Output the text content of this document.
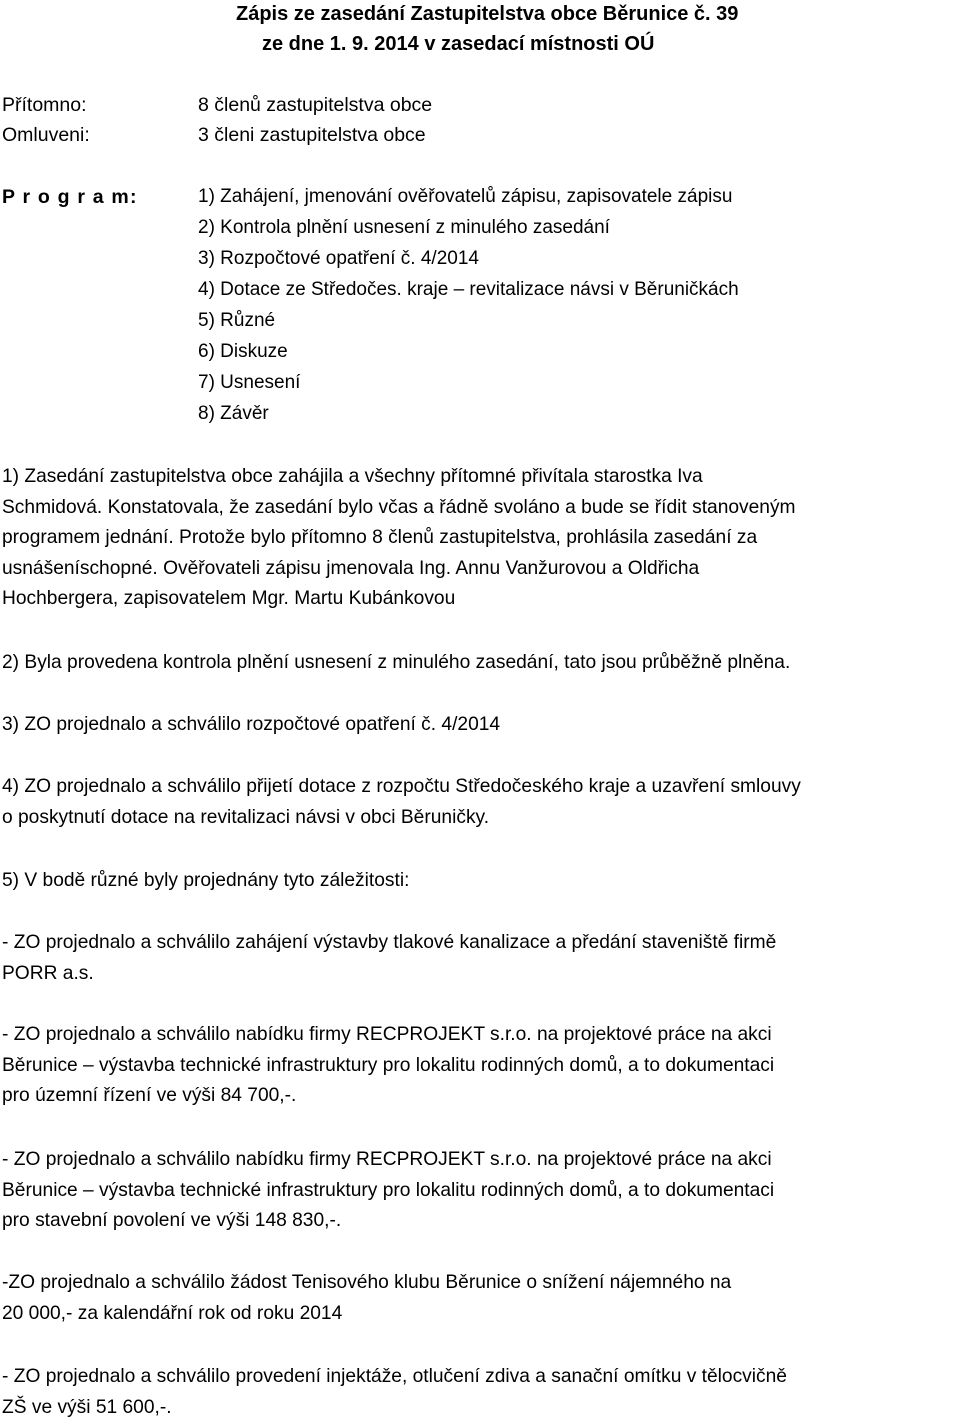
Zápis ze zasedání Zastupitelstva obce Běrunice č. 39
ze dne 1. 9. 2014 v zasedací místnosti OÚ
Přítomno:	8 členů zastupitelstva obce
Omluveni:	3 členi zastupitelstva obce
P r o g r a m:	1) Zahájení, jmenování ověřovatelů zápisu, zapisovatele zápisu
2) Kontrola plnění usnesení z minulého zasedání
3) Rozpočtové opatření č. 4/2014
4) Dotace ze Středočes. kraje – revitalizace návsi v Běruničkách
5) Různé
6) Diskuze
7) Usnesení
8) Závěr
1) Zasedání zastupitelstva obce zahájila a všechny přítomné přivítala starostka Iva
Schmidová. Konstatovala, že zasedání bylo včas a řádně svoláno a bude se řídit stanoveným
programem jednání. Protože bylo přítomno 8 členů zastupitelstva, prohlásila zasedání za
usnášeníschopné. Ověřovateli zápisu jmenovala Ing. Annu Vanžurovou a Oldřicha
Hochbergera, zapisovatelem Mgr. Martu Kubánkovou
2) Byla provedena kontrola plnění usnesení z minulého zasedání, tato jsou průběžně plněna.
3) ZO projednalo a schválilo rozpočtové opatření č. 4/2014
4) ZO projednalo a schválilo přijetí dotace z rozpočtu Středočeského kraje a uzavření smlouvy
o poskytnutí dotace na revitalizaci návsi v obci Běruničky.
5) V bodě různé byly projednány tyto záležitosti:
- ZO projednalo a schválilo zahájení výstavby tlakové kanalizace a předání staveniště firmě
PORR a.s.
- ZO projednalo a schválilo nabídku firmy RECPROJEKT s.r.o. na projektové práce na akci
Běrunice – výstavba technické infrastruktury pro lokalitu rodinných domů, a to dokumentaci
pro územní řízení ve výši 84 700,-.
- ZO projednalo a schválilo nabídku firmy RECPROJEKT s.r.o. na projektové práce na akci
Běrunice – výstavba technické infrastruktury pro lokalitu rodinných domů, a to dokumentaci
pro stavební povolení ve výši 148 830,-.
-ZO projednalo a schválilo žádost Tenisového klubu Běrunice o snížení nájemného na
20 000,- za kalendářní rok od roku 2014
- ZO projednalo a schválilo provedení injektáže, otlučení zdiva a sanační omítku v tělocvičně
ZŠ ve výši 51 600,-.
